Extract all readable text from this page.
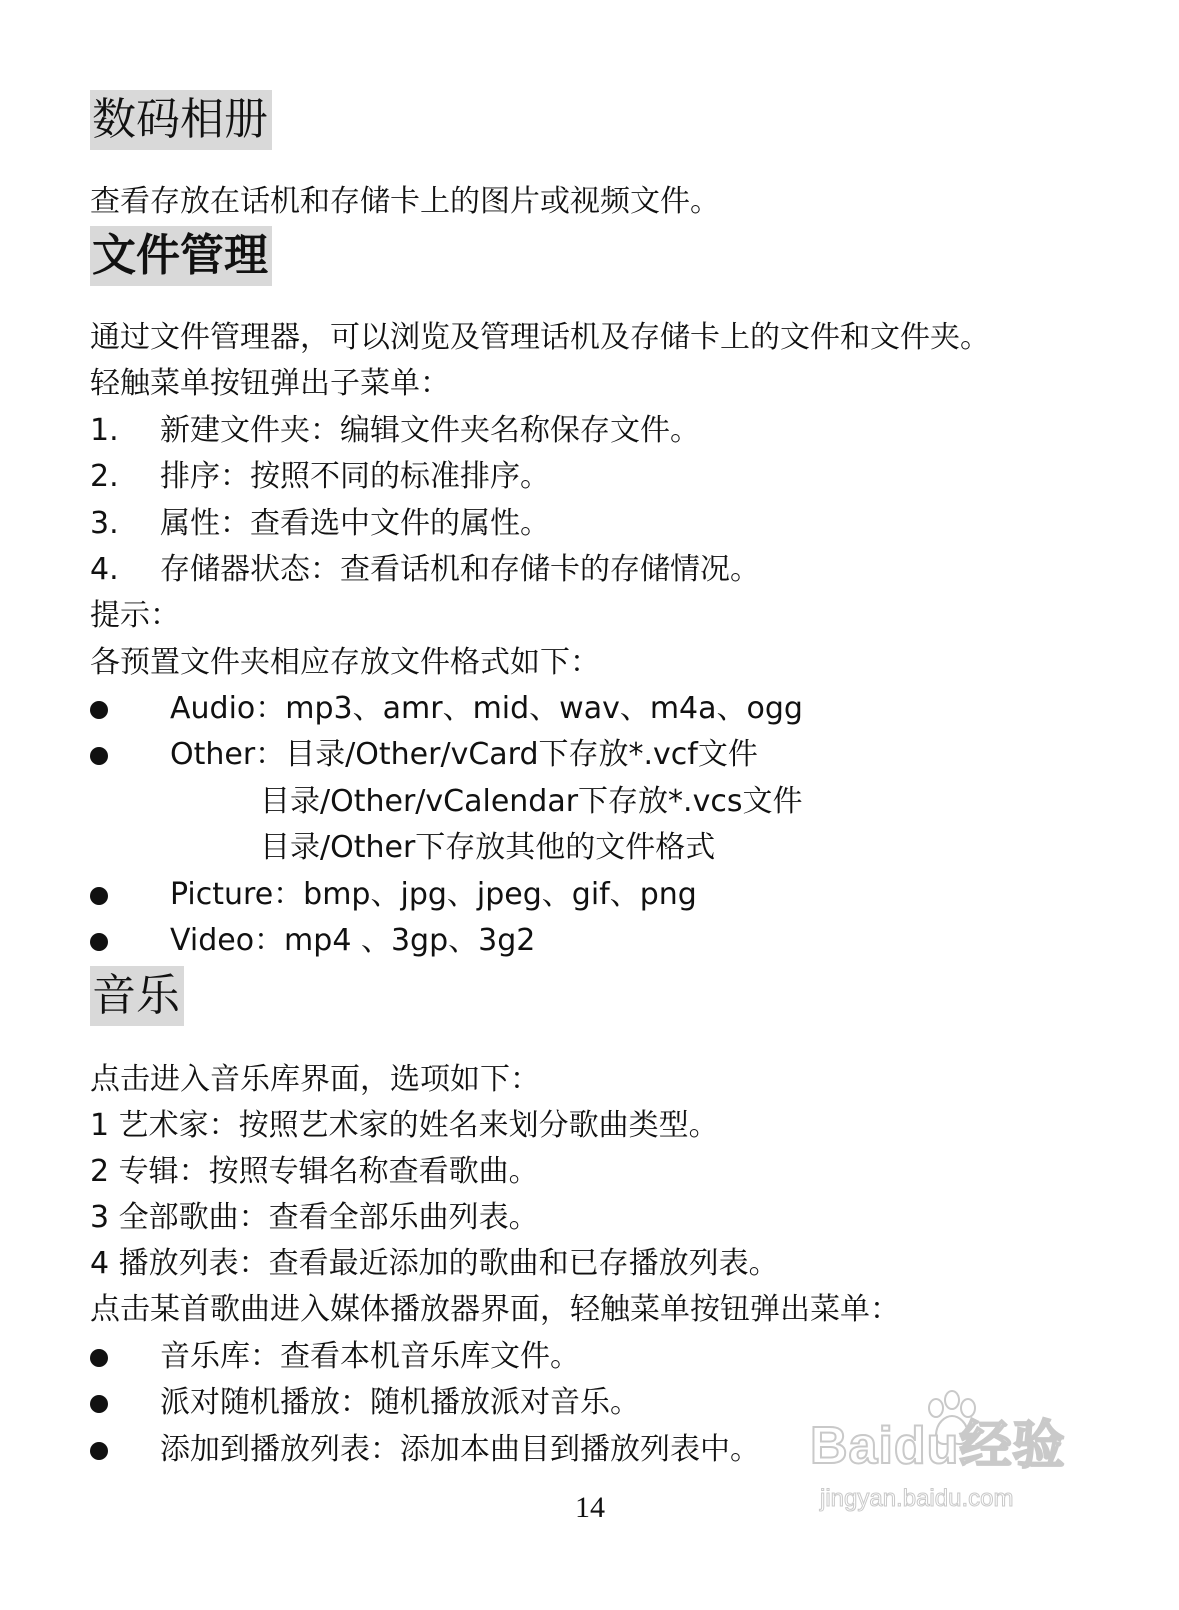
数码相册
查看存放在话机和存储卡上的图片或视频文件。
文件管理
通过文件管理器，可以浏览及管理话机及存储卡上的文件和文件夹。
轻触菜单按钮弹出子菜单：
1. 新建文件夹：编辑文件夹名称保存文件。
2. 排序：按照不同的标准排序。
3. 属性：查看选中文件的属性。
4. 存储器状态：查看话机和存储卡的存储情况。
提示：
各预置文件夹相应存放文件格式如下：
Audio：mp3、amr、mid、wav、m4a、ogg
Other：目录/Other/vCard下存放*.vcf文件
目录/Other/vCalendar下存放*.vcs文件
目录/Other下存放其他的文件格式
Picture：bmp、jpg、jpeg、gif、png
Video：mp4 、3gp、3g2
音乐
点击进入音乐库界面，选项如下：
1 艺术家：按照艺术家的姓名来划分歌曲类型。
2 专辑：按照专辑名称查看歌曲。
3 全部歌曲：查看全部乐曲列表。
4 播放列表：查看最近添加的歌曲和已存播放列表。
点击某首歌曲进入媒体播放器界面，轻触菜单按钮弹出菜单：
音乐库：查看本机音乐库文件。
派对随机播放：随机播放派对音乐。
添加到播放列表：添加本曲目到播放列表中。
14
Baidu经验
jingyan.baidu.com
